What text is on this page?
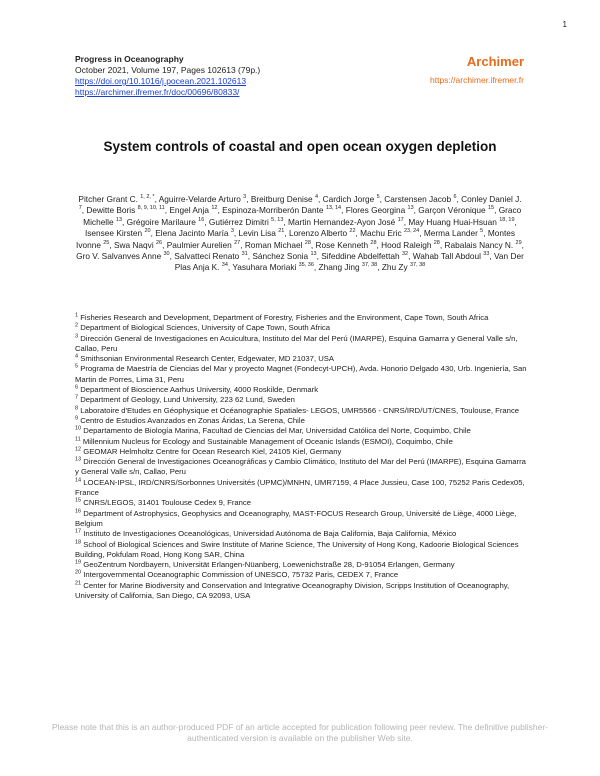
1
Progress in Oceanography
October 2021, Volume 197, Pages 102613 (79p.)
https://doi.org/10.1016/j.pocean.2021.102613
https://archimer.ifremer.fr/doc/00696/80833/
Archimer
https://archimer.ifremer.fr
System controls of coastal and open ocean oxygen depletion
Pitcher Grant C. $^{1, 2, *}$, Aguirre-Velarde Arturo $^3$, Breitburg Denise $^4$, Cardich Jorge $^5$, Carstensen Jacob $^6$, Conley Daniel J. $^7$, Dewitte Boris $^{8, 9, 10, 11}$, Engel Anja $^{12}$, Espinoza-Morriberón Dante $^{13, 14}$, Flores Georgina $^{13}$, Garçon Véronique $^{15}$, Graco Michelle $^{13}$, Grégoire Marilaure $^{16}$, Gutiérrez Dimitri $^{5, 13}$, Martin Hernandez-Ayon José $^{17}$, May Huang Huai-Hsuan $^{18, 19}$, Isensee Kirsten $^{20}$, Elena Jacinto María $^3$, Levin Lisa $^{21}$, Lorenzo Alberto $^{22}$, Machu Eric $^{23, 24}$, Merma Lander $^5$, Montes Ivonne $^{25}$, Swa Naqvi $^{26}$, Paulmier Aurelien $^{27}$, Roman Michael $^{28}$, Rose Kenneth $^{28}$, Hood Raleigh $^{28}$, Rabalais Nancy N. $^{29}$, Gro V. Salvanves Anne $^{30}$, Salvatteci Renato $^{31}$, Sánchez Sonia $^{13}$, Sifeddine Abdelfettah $^{32}$, Wahab Tall Abdoul $^{33}$, Van Der Plas Anja K. $^{34}$, Yasuhara Moriaki $^{35, 36}$, Zhang Jing $^{37, 38}$, Zhu Zy $^{37, 38}$

$^1$ Fisheries Research and Development, Department of Forestry, Fisheries and the Environment, Cape Town, South Africa

$^2$ Department of Biological Sciences, University of Cape Town, South Africa

$^3$ Dirección General de Investigaciones en Acuicultura, Instituto del Mar del Perú (IMARPE), Esquina Gamarra y General Valle s/n, Callao, Peru

$^4$ Smithsonian Environmental Research Center, Edgewater, MD 21037, USA

$^5$ Programa de Maestría de Ciencias del Mar y proyecto Magnet (Fondecyt-UPCH), Avda. Honorio Delgado 430, Urb. Ingeniería, San Martin de Porres, Lima 31, Peru

$^6$ Department of Bioscience Aarhus University, 4000 Roskilde, Denmark

$^7$ Department of Geology, Lund University, 223 62 Lund, Sweden

$^8$ Laboratoire d'Etudes en Géophysique et Océanographie Spatiales- LEGOS, UMR5566 - CNRS/IRD/UT/CNES, Toulouse, France

$^9$ Centro de Estudios Avanzados en Zonas Áridas, La Serena, Chile

$^{10}$ Departamento de Biología Marina, Facultad de Ciencias del Mar, Universidad Católica del Norte, Coquimbo, Chile

$^{11}$ Millennium Nucleus for Ecology and Sustainable Management of Oceanic Islands (ESMOI), Coquimbo, Chile

$^{12}$ GEOMAR Helmholtz Centre for Ocean Research Kiel, 24105 Kiel, Germany

$^{13}$ Dirección General de Investigaciones Oceanográficas y Cambio Climático, Instituto del Mar del Perú (IMARPE), Esquina Gamarra y General Valle s/n, Callao, Peru

$^{14}$ LOCEAN-IPSL, IRD/CNRS/Sorbonnes Universités (UPMC)/MNHN, UMR7159, 4 Place Jussieu, Case 100, 75252 Paris Cedex05, France

$^{15}$ CNRS/LEGOS, 31401 Toulouse Cedex 9, France

$^{16}$ Department of Astrophysics, Geophysics and Oceanography, MAST-FOCUS Research Group, Université de Liège, 4000 Liège, Belgium

$^{17}$ Instituto de Investigaciones Oceanológicas, Universidad Autónoma de Baja California, Baja California, México

$^{18}$ School of Biological Sciences and Swire Institute of Marine Science, The University of Hong Kong, Kadoorie Biological Sciences Building, Pokfulam Road, Hong Kong SAR, China

$^{19}$ GeoZentrum Nordbayern, Universität Erlangen-Nüanberg, Loewenichstraße 28, D-91054 Erlangen, Germany

$^{20}$ Intergovernmental Oceanographic Commission of UNESCO, 75732 Paris, CEDEX 7, France

$^{21}$ Center for Marine Biodiversity and Conservation and Integrative Oceanography Division, Scripps Institution of Oceanography, University of California, San Diego, CA 92093, USA

Please note that this is an author-produced PDF of an article accepted for publication following peer review. The definitive publisher-authenticated version is available on the publisher Web site.
